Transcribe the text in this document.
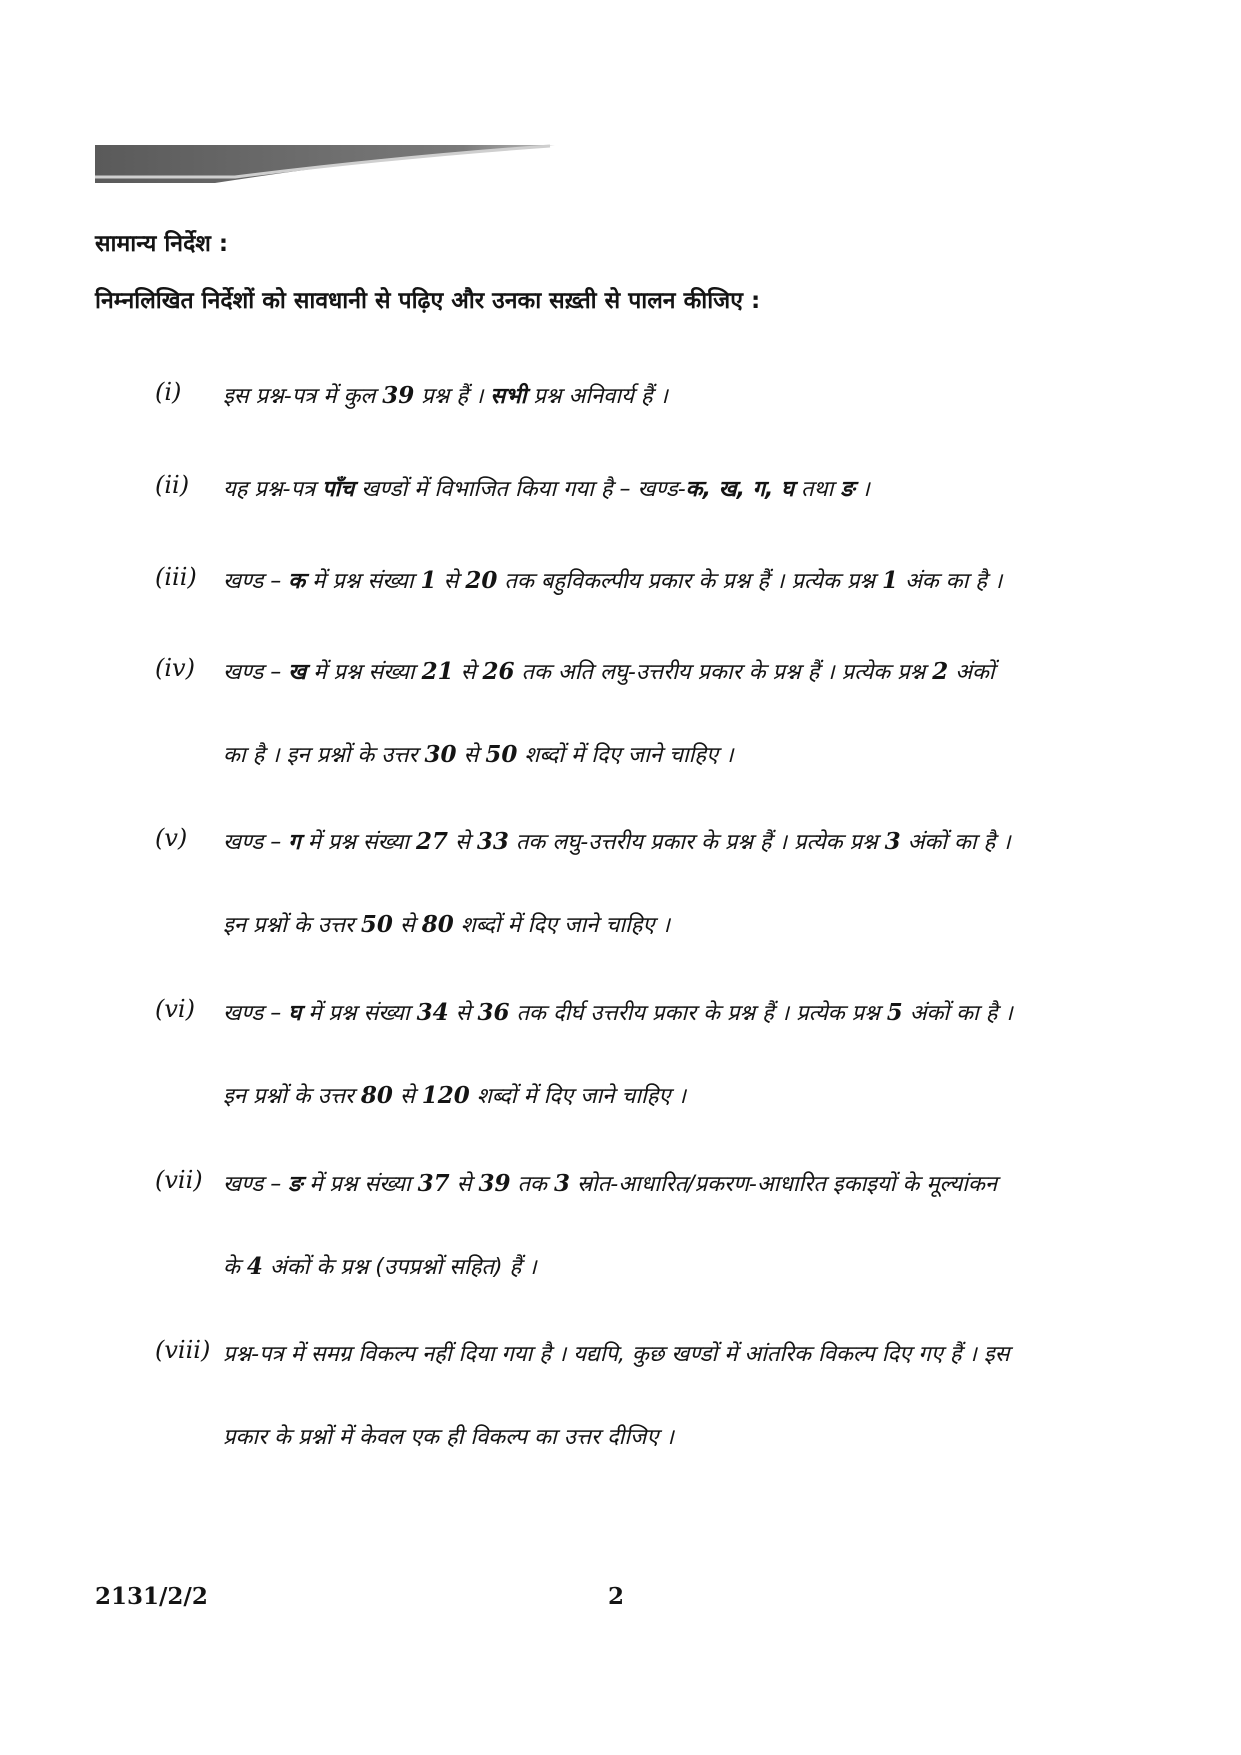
सामान्य निर्देश :
निम्नलिखित निर्देशों को सावधानी से पढ़िए और उनका सख़्ती से पालन कीजिए :
(i) इस प्रश्न-पत्र में कुल 39 प्रश्न हैं । सभी प्रश्न अनिवार्य हैं ।
(ii) यह प्रश्न-पत्र पाँच खण्डों में विभाजित किया गया है – खण्ड-क, ख, ग, घ तथा ङ ।
(iii) खण्ड – क में प्रश्न संख्या 1 से 20 तक बहुविकल्पीय प्रकार के प्रश्न हैं । प्रत्येक प्रश्न 1 अंक का है ।
(iv) खण्ड – ख में प्रश्न संख्या 21 से 26 तक अति लघु-उत्तरीय प्रकार के प्रश्न हैं । प्रत्येक प्रश्न 2 अंकों
का है । इन प्रश्नों के उत्तर 30 से 50 शब्दों में दिए जाने चाहिए ।
(v) खण्ड – ग में प्रश्न संख्या 27 से 33 तक लघु-उत्तरीय प्रकार के प्रश्न हैं । प्रत्येक प्रश्न 3 अंकों का है ।
इन प्रश्नों के उत्तर 50 से 80 शब्दों में दिए जाने चाहिए ।
(vi) खण्ड – घ में प्रश्न संख्या 34 से 36 तक दीर्घ उत्तरीय प्रकार के प्रश्न हैं । प्रत्येक प्रश्न 5 अंकों का है ।
इन प्रश्नों के उत्तर 80 से 120 शब्दों में दिए जाने चाहिए ।
(vii) खण्ड – ङ में प्रश्न संख्या 37 से 39 तक 3 स्रोत-आधारित/प्रकरण-आधारित इकाइयों के मूल्यांकन
के 4 अंकों के प्रश्न (उपप्रश्नों सहित) हैं ।
(viii) प्रश्न-पत्र में समग्र विकल्प नहीं दिया गया है । यद्यपि, कुछ खण्डों में आंतरिक विकल्प दिए गए हैं । इस
प्रकार के प्रश्नों में केवल एक ही विकल्प का उत्तर दीजिए ।
2131/2/2	2
